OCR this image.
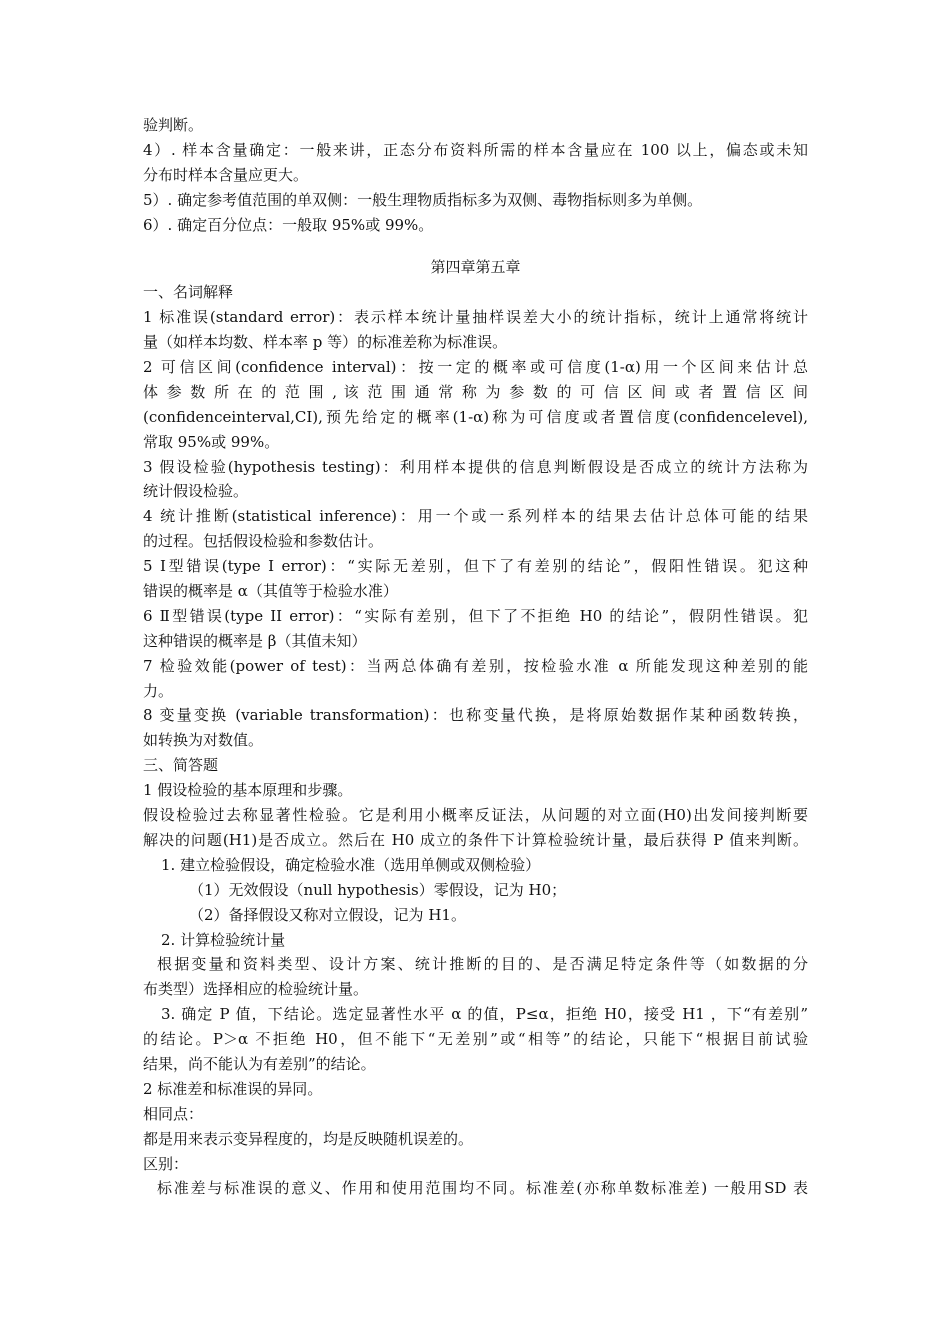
验判断。
4）. 样本含量确定：一般来讲，正态分布资料所需的样本含量应在 100 以上，偏态或未知
分布时样本含量应更大。
5）. 确定参考值范围的单双侧：一般生理物质指标多为双侧、毒物指标则多为单侧。
6）. 确定百分位点：一般取 95%或 99%。
第四章第五章
一、名词解释
1 标准误(standard error)：表示样本统计量抽样误差大小的统计指标，统计上通常将统计
量（如样本均数、样本率 p 等）的标准差称为标准误。
2 可信区间(confidence interval)：按一定的概率或可信度(1-α)用一个区间来估计总
体 参 数 所 在 的 范 围 , 该 范 围 通 常 称 为 参 数 的 可 信 区 间 或 者 置 信 区 间
(confidenceinterval,CI),预先给定的概率(1-α)称为可信度或者置信度(confidencelevel),
常取 95%或 99%。
3 假设检验(hypothesis testing)：利用样本提供的信息判断假设是否成立的统计方法称为
统计假设检验。
4 统计推断(statistical inference)：用一个或一系列样本的结果去估计总体可能的结果
的过程。包括假设检验和参数估计。
5 Ⅰ型错误(type I error)：“实际无差别，但下了有差别的结论”，假阳性错误。犯这种
错误的概率是 α（其值等于检验水准）
6 Ⅱ型错误(type II error)：“实际有差别，但下了不拒绝 H0 的结论”，假阴性错误。犯
这种错误的概率是 β（其值未知）
7 检验效能(power of test)：当两总体确有差别，按检验水准 α 所能发现这种差别的能
力。
8 变量变换 (variable transformation)：也称变量代换，是将原始数据作某种函数转换，
如转换为对数值。
三、简答题
1 假设检验的基本原理和步骤。
假设检验过去称显著性检验。它是利用小概率反证法，从问题的对立面(H0)出发间接判断要
解决的问题(H1)是否成立。然后在 H0 成立的条件下计算检验统计量，最后获得 P 值来判断。
1. 建立检验假设，确定检验水准（选用单侧或双侧检验）
（1）无效假设（null hypothesis）零假设，记为 H0；
（2）备择假设又称对立假设，记为 H1。
2. 计算检验统计量
根据变量和资料类型、设计方案、统计推断的目的、是否满足特定条件等（如数据的分
布类型）选择相应的检验统计量。
3. 确定 P 值，下结论。选定显著性水平 α 的值，P≤α，拒绝 H0，接受 H1 ，下“有差别”
的结论。P＞α 不拒绝 H0，但不能下“无差别”或“相等”的结论，只能下“根据目前试验
结果，尚不能认为有差别”的结论。
2 标准差和标准误的异同。
相同点：
都是用来表示变异程度的，均是反映随机误差的。
区别：
标准差与标准误的意义、作用和使用范围均不同。标准差(亦称单数标准差) 一般用SD 表
